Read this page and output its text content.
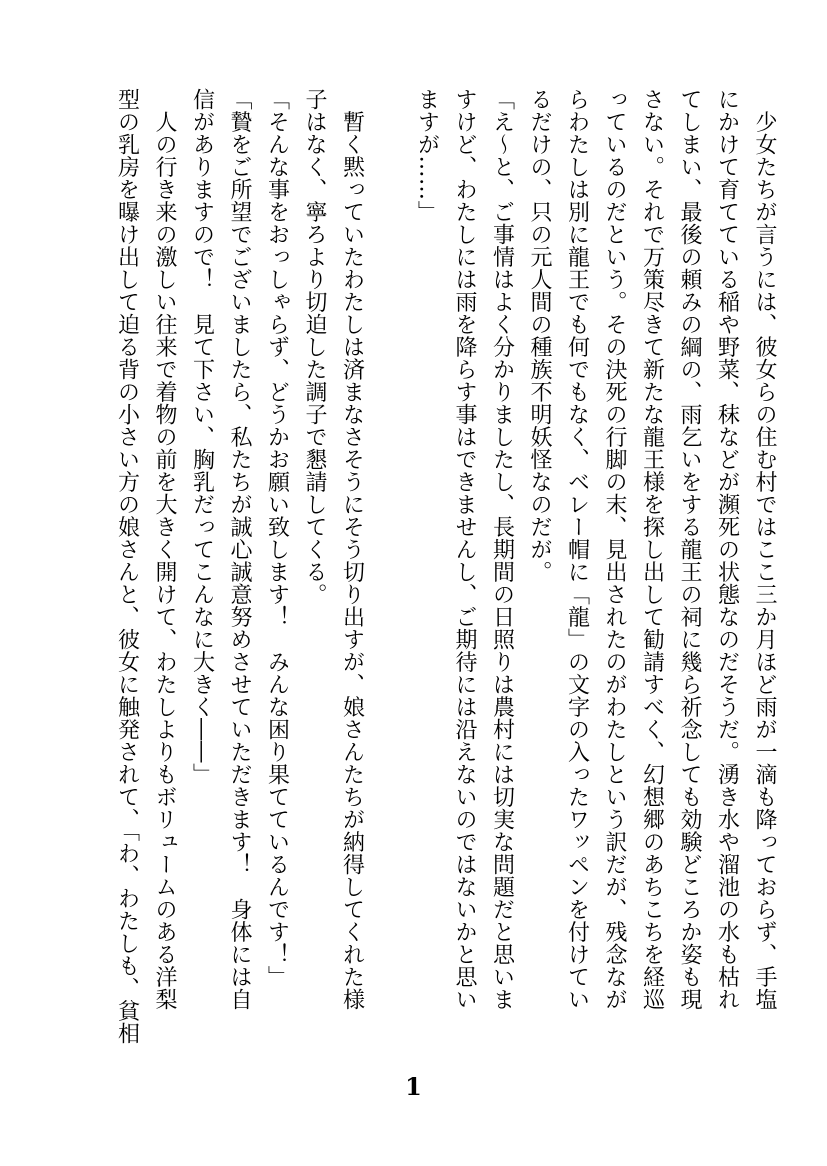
　少女たちが言うには、彼女らの住む村ではここ三か月ほど雨が一滴も降っておらず、手塩
にかけて育てている稲や野菜、秣などが瀕死の状態なのだそうだ。湧き水や溜池の水も枯れ
てしまい、最後の頼みの綱の、雨乞いをする龍王の祠に幾ら祈念しても効験どころか姿も現
さない。それで万策尽きて新たな龍王様を探し出して勧請すべく、幻想郷のあちこちを経巡
っているのだという。その決死の行脚の末、見出されたのがわたしという訳だが、残念なが
らわたしは別に龍王でも何でもなく、ベレー帽に「龍」の文字の入ったワッペンを付けてい
るだけの、只の元人間の種族不明妖怪なのだが。
「え～と、ご事情はよく分かりましたし、長期間の日照りは農村には切実な問題だと思いま
すけど、わたしには雨を降らす事はできませんし、ご期待には沿えないのではないかと思い
ますが……」
　暫く黙っていたわたしは済まなさそうにそう切り出すが、娘さんたちが納得してくれた様
子はなく、寧ろより切迫した調子で懇請してくる。
「そんな事をおっしゃらず、どうかお願い致します！　みんな困り果てているんです！」
「贄をご所望でございましたら、私たちが誠心誠意努めさせていただきます！　身体には自
信がありますので！　見て下さい、胸乳だってこんなに大きく――」
　人の行き来の激しい往来で着物の前を大きく開けて、わたしよりもボリュームのある洋梨
型の乳房を曝け出して迫る背の小さい方の娘さんと、彼女に触発されて、「わ、わたしも、貧相
1
